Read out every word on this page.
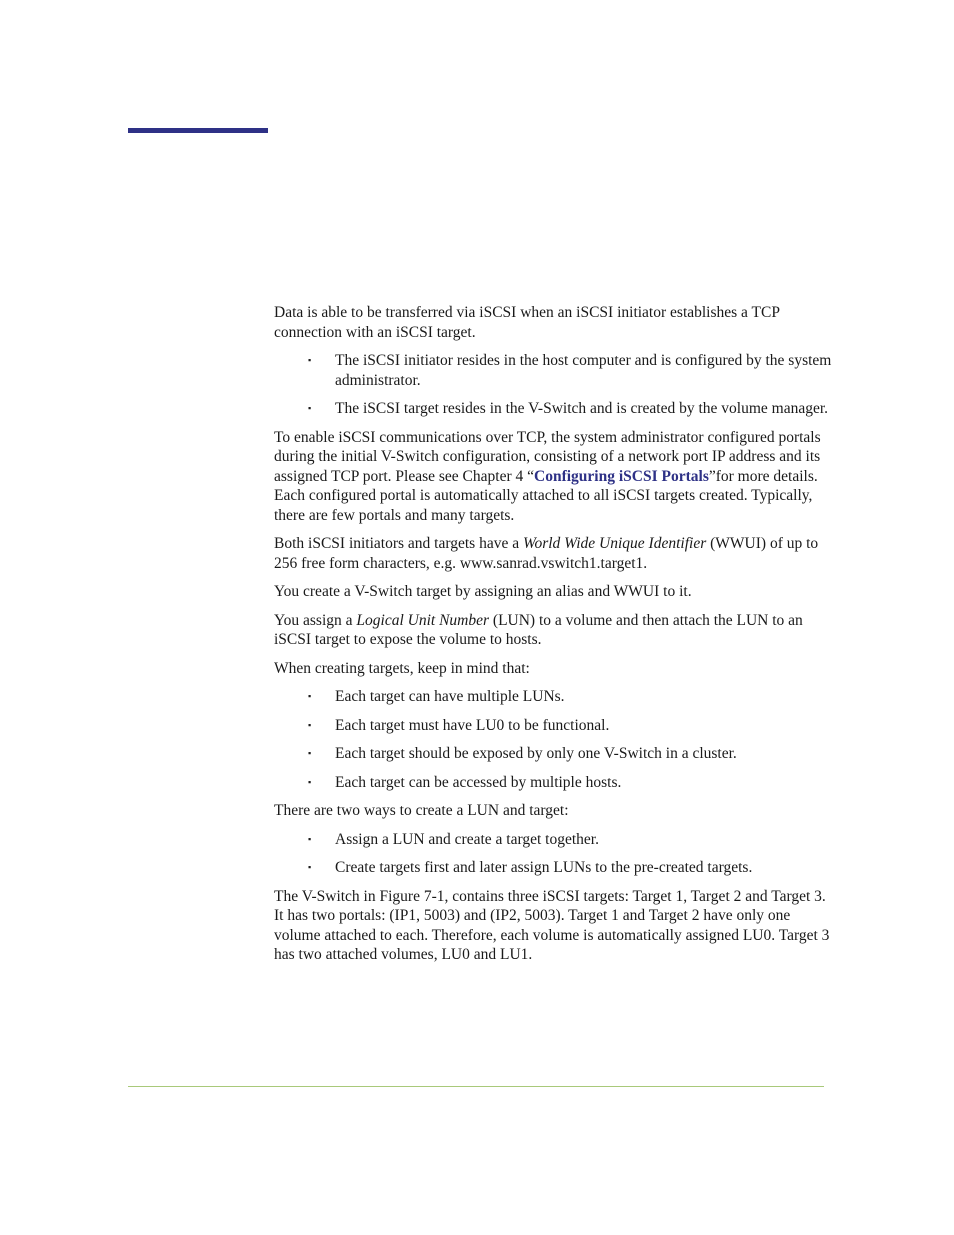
Data is able to be transferred via iSCSI when an iSCSI initiator establishes a TCP connection with an iSCSI target.

▪ The iSCSI initiator resides in the host computer and is configured by the system administrator.
▪ The iSCSI target resides in the V-Switch and is created by the volume manager.

To enable iSCSI communications over TCP, the system administrator configured portals during the initial V-Switch configuration, consisting of a network port IP address and its assigned TCP port. Please see Chapter 4 “Configuring iSCSI Portals”for more details. Each configured portal is automatically attached to all iSCSI targets created. Typically, there are few portals and many targets.

Both iSCSI initiators and targets have a World Wide Unique Identifier (WWUI) of up to 256 free form characters, e.g. www.sanrad.vswitch1.target1.

You create a V-Switch target by assigning an alias and WWUI to it.

You assign a Logical Unit Number (LUN) to a volume and then attach the LUN to an iSCSI target to expose the volume to hosts.

When creating targets, keep in mind that:

▪ Each target can have multiple LUNs.
▪ Each target must have LU0 to be functional.
▪ Each target should be exposed by only one V-Switch in a cluster.
▪ Each target can be accessed by multiple hosts.

There are two ways to create a LUN and target:

▪ Assign a LUN and create a target together.
▪ Create targets first and later assign LUNs to the pre-created targets.

The V-Switch in Figure 7-1, contains three iSCSI targets: Target 1, Target 2 and Target 3. It has two portals: (IP1, 5003) and (IP2, 5003). Target 1 and Target 2 have only one volume attached to each. Therefore, each volume is automatically assigned LU0. Target 3 has two attached volumes, LU0 and LU1.
